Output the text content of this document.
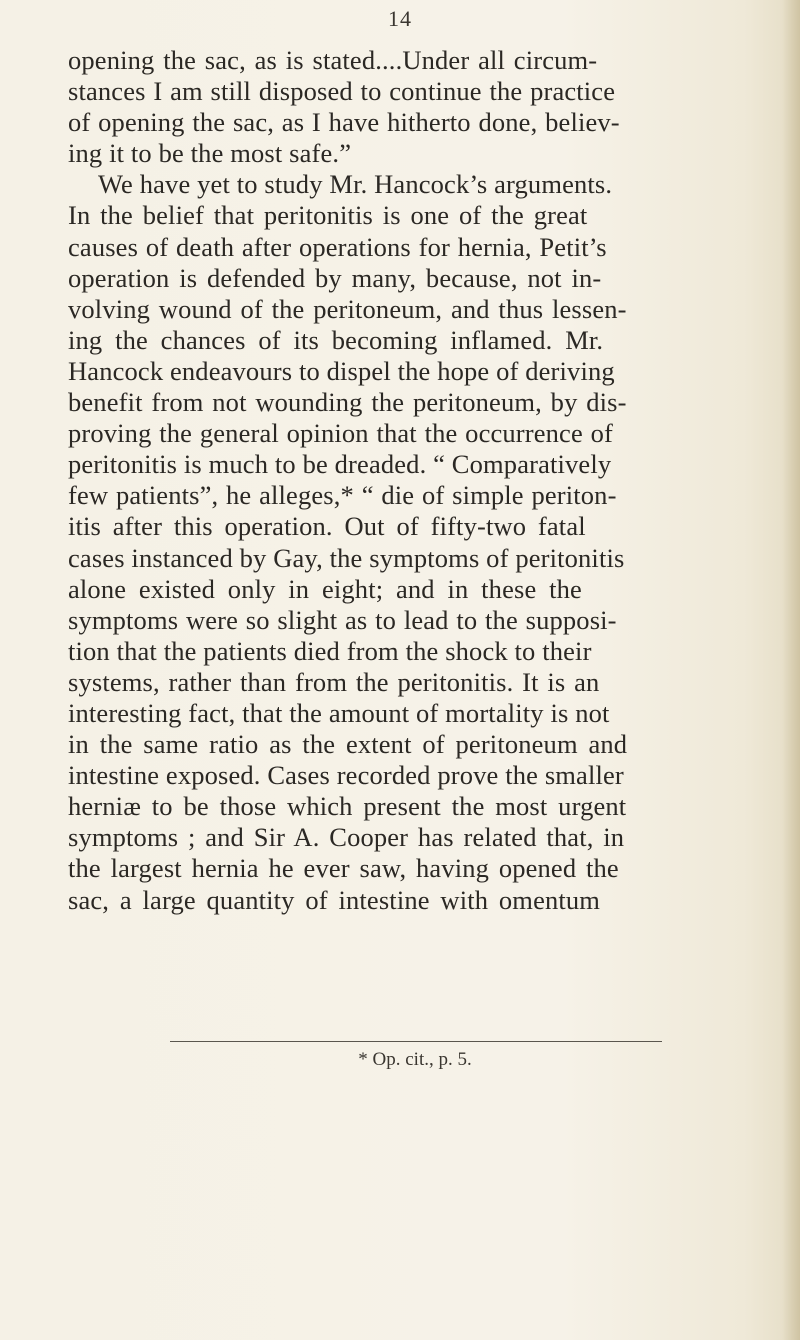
14
opening the sac, as is stated....Under all circum-
stances I am still disposed to continue the practice
of opening the sac, as I have hitherto done, believ-
ing it to be the most safe.”
We have yet to study Mr. Hancock’s arguments.
In the belief that peritonitis is one of the great
causes of death after operations for hernia, Petit’s
operation is defended by many, because, not in-
volving wound of the peritoneum, and thus lessen-
ing the chances of its becoming inflamed. Mr.
Hancock endeavours to dispel the hope of deriving
benefit from not wounding the peritoneum, by dis-
proving the general opinion that the occurrence of
peritonitis is much to be dreaded. “ Comparatively
few patients”, he alleges,* “ die of simple periton-
itis after this operation. Out of fifty-two fatal
cases instanced by Gay, the symptoms of peritonitis
alone existed only in eight; and in these the
symptoms were so slight as to lead to the supposi-
tion that the patients died from the shock to their
systems, rather than from the peritonitis. It is an
interesting fact, that the amount of mortality is not
in the same ratio as the extent of peritoneum and
intestine exposed. Cases recorded prove the smaller
herniæ to be those which present the most urgent
symptoms ; and Sir A. Cooper has related that, in
the largest hernia he ever saw, having opened the
sac, a large quantity of intestine with omentum
* Op. cit., p. 5.
